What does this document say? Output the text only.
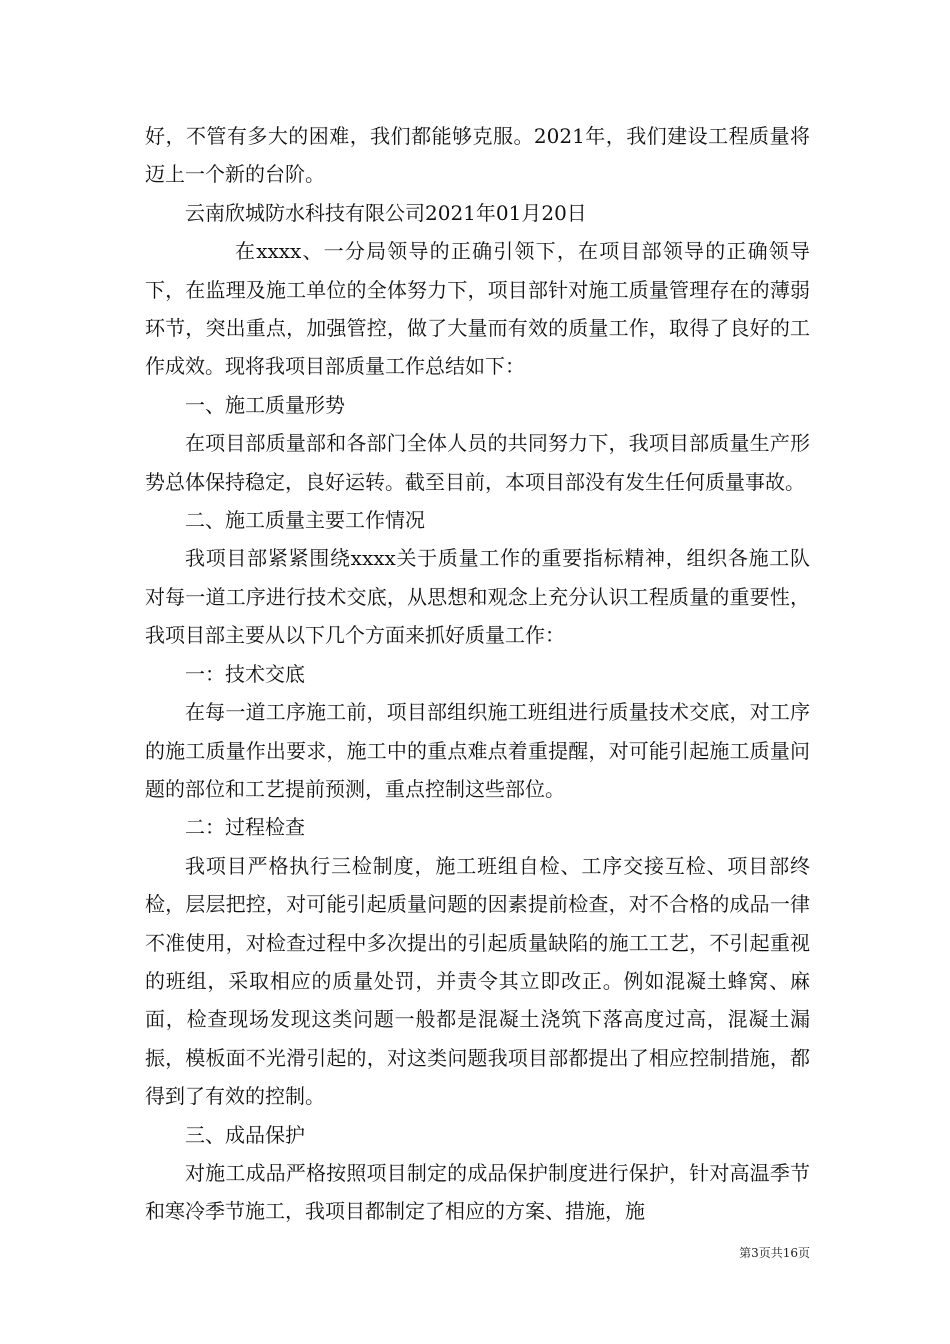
好，不管有多大的困难，我们都能够克服。2021年，我们建设工程质量将迈上一个新的台阶。

云南欣城防水科技有限公司2021年01月20日

在xxxx、一分局领导的正确引领下，在项目部领导的正确领导下，在监理及施工单位的全体努力下，项目部针对施工质量管理存在的薄弱环节，突出重点，加强管控，做了大量而有效的质量工作，取得了良好的工作成效。现将我项目部质量工作总结如下：

一、施工质量形势

在项目部质量部和各部门全体人员的共同努力下，我项目部质量生产形势总体保持稳定，良好运转。截至目前，本项目部没有发生任何质量事故。

二、施工质量主要工作情况

我项目部紧紧围绕xxxx关于质量工作的重要指标精神，组织各施工队对每一道工序进行技术交底，从思想和观念上充分认识工程质量的重要性，我项目部主要从以下几个方面来抓好质量工作：

一：技术交底

在每一道工序施工前，项目部组织施工班组进行质量技术交底，对工序的施工质量作出要求，施工中的重点难点着重提醒，对可能引起施工质量问题的部位和工艺提前预测，重点控制这些部位。

二：过程检查

我项目严格执行三检制度，施工班组自检、工序交接互检、项目部终检，层层把控，对可能引起质量问题的因素提前检查，对不合格的成品一律不准使用，对检查过程中多次提出的引起质量缺陷的施工工艺，不引起重视的班组，采取相应的质量处罚，并责令其立即改正。例如混凝土蜂窝、麻面，检查现场发现这类问题一般都是混凝土浇筑下落高度过高，混凝土漏振，模板面不光滑引起的，对这类问题我项目部都提出了相应控制措施，都得到了有效的控制。

三、成品保护

对施工成品严格按照项目制定的成品保护制度进行保护，针对高温季节和寒冷季节施工，我项目都制定了相应的方案、措施，施

第3页共16页
